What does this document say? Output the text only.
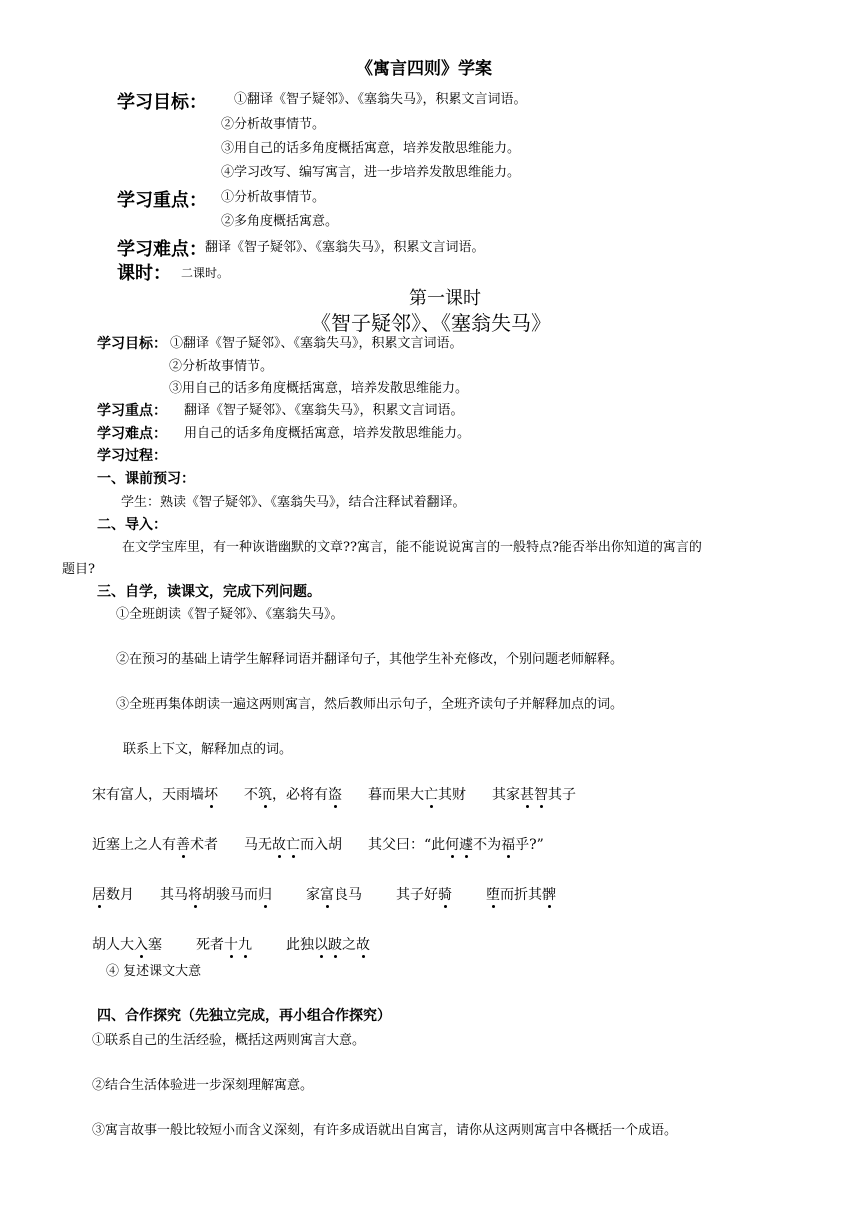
《寓言四则》学案
学习目标： ①翻译《智子疑邻》、《塞翁失马》，积累文言词语。
②分析故事情节。
③用自己的话多角度概括寓意，培养发散思维能力。
④学习改写、编写寓言，进一步培养发散思维能力。
学习重点： ①分析故事情节。
②多角度概括寓意。
学习难点：
翻译《智子疑邻》、《塞翁失马》，积累文言词语。
课时： 二课时。
第一课时
《智子疑邻》、《塞翁失马》
学习目标： ①翻译《智子疑邻》、《塞翁失马》，积累文言词语。
②分析故事情节。
③用自己的话多角度概括寓意，培养发散思维能力。
学习重点： 翻译《智子疑邻》、《塞翁失马》，积累文言词语。
学习难点： 用自己的话多角度概括寓意，培养发散思维能力。
学习过程：
一、课前预习：
学生：熟读《智子疑邻》、《塞翁失马》，结合注释试着翻译。
二、导入：
在文学宝库里，有一种诙谐幽默的文章??寓言，能不能说说寓言的一般特点?能否举出你知道的寓言的
题目?
三、自学，读课文，完成下列问题。
①全班朗读《智子疑邻》、《塞翁失马》。
②在预习的基础上请学生解释词语并翻译句子，其他学生补充修改，个别问题老师解释。
③全班再集体朗读一遍这两则寓言，然后教师出示句子，全班齐读句子并解释加点的词。
联系上下文，解释加点的词。
宋有富人，天雨墙坏 不筑，必将有盗 暮而果大亡其财 其家甚智其子
近塞上之人有善术者 马无故亡而入胡 其父曰：“此何遽不为福乎?”
居数月 其马将胡骏马而归 家富良马 其子好骑 堕而折其髀
胡人大入塞 死者十九 此独以跛之故
④ 复述课文大意
四、合作探究（先独立完成，再小组合作探究）
①联系自己的生活经验，概括这两则寓言大意。
②结合生活体验进一步深刻理解寓意。
③寓言故事一般比较短小而含义深刻，有许多成语就出自寓言，请你从这两则寓言中各概括一个成语。
